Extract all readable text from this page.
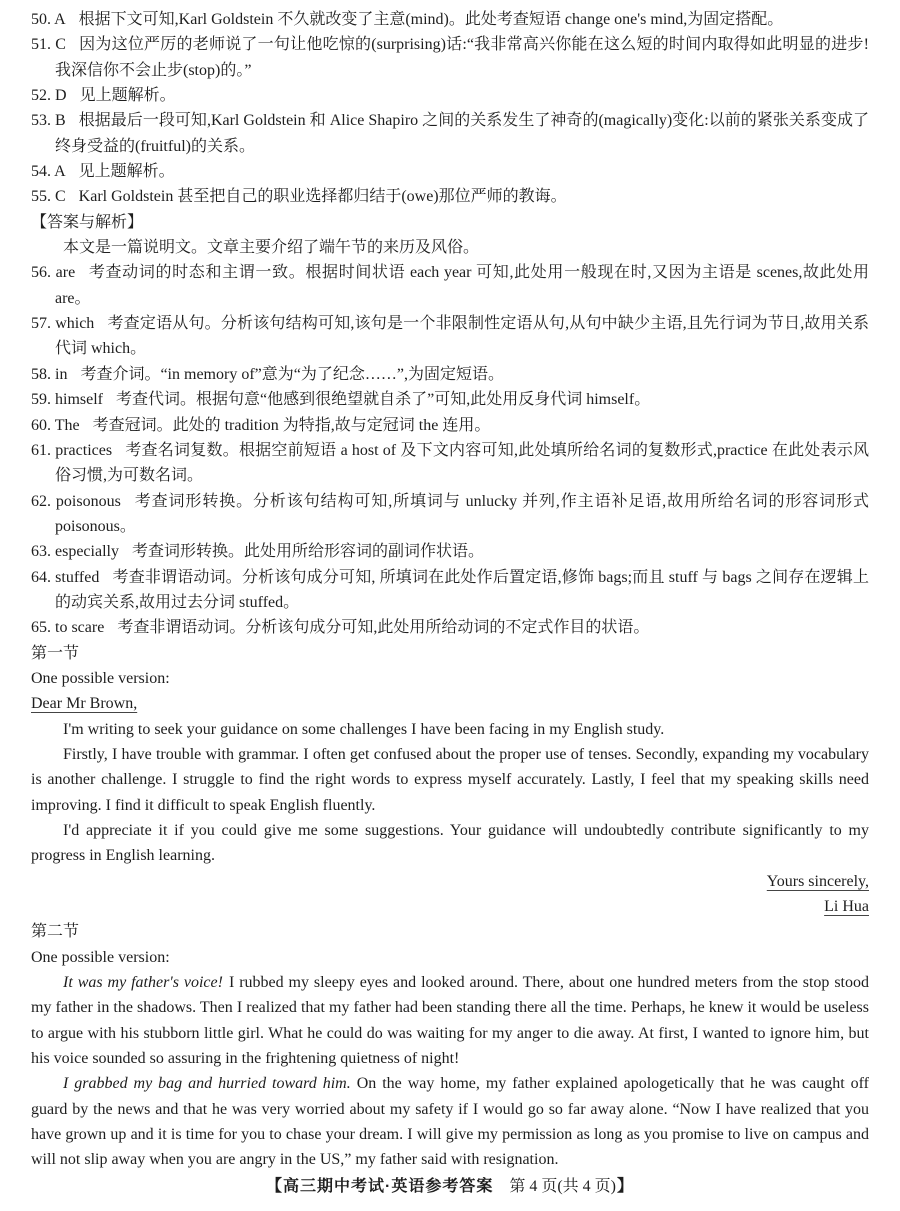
50. A 根据下文可知,Karl Goldstein 不久就改变了主意(mind)。此处考查短语 change one's mind,为固定搭配。
51. C 因为这位严厉的老师说了一句让他吃惊的(surprising)话:“我非常高兴你能在这么短的时间内取得如此明显的进步! 我深信你不会止步(stop)的。”
52. D 见上题解析。
53. B 根据最后一段可知,Karl Goldstein 和 Alice Shapiro 之间的关系发生了神奇的(magically)变化:以前的紧张关系变成了终身受益的(fruitful)的关系。
54. A 见上题解析。
55. C Karl Goldstein 甚至把自己的职业选择都归结于(owe)那位严师的教诲。
【答案与解析】
本文是一篇说明文。文章主要介绍了端午节的来历及风俗。
56. are 考查动词的时态和主谓一致。根据时间状语 each year 可知,此处用一般现在时,又因为主语是 scenes,故此处用 are。
57. which 考查定语从句。分析该句结构可知,该句是一个非限制性定语从句,从句中缺少主语,且先行词为节日,故用关系代词 which。
58. in 考查介词。“in memory of”意为“为了纪念……”,为固定短语。
59. himself 考查代词。根据句意“他感到很绝望就自杀了”可知,此处用反身代词 himself。
60. The 考查冠词。此处的 tradition 为特指,故与定冠词 the 连用。
61. practices 考查名词复数。根据空前短语 a host of 及下文内容可知,此处填所给名词的复数形式,practice 在此处表示风俗习惯,为可数名词。
62. poisonous 考查词形转换。分析该句结构可知,所填词与 unlucky 并列,作主语补足语,故用所给名词的形容词形式 poisonous。
63. especially 考查词形转换。此处用所给形容词的副词作状语。
64. stuffed 考查非谓语动词。分析该句成分可知, 所填词在此处作后置定语,修饰 bags;而且 stuff 与 bags 之间存在逻辑上的动宾关系,故用过去分词 stuffed。
65. to scare 考查非谓语动词。分析该句成分可知,此处用所给动词的不定式作目的状语。
第一节
One possible version:
Dear Mr Brown,
I'm writing to seek your guidance on some challenges I have been facing in my English study.
Firstly, I have trouble with grammar. I often get confused about the proper use of tenses. Secondly, expanding my vocabulary is another challenge. I struggle to find the right words to express myself accurately. Lastly, I feel that my speaking skills need improving. I find it difficult to speak English fluently.
I'd appreciate it if you could give me some suggestions. Your guidance will undoubtedly contribute significantly to my progress in English learning.
Yours sincerely,
Li Hua
第二节
One possible version:
It was my father's voice! I rubbed my sleepy eyes and looked around. There, about one hundred meters from the stop stood my father in the shadows. Then I realized that my father had been standing there all the time. Perhaps, he knew it would be useless to argue with his stubborn little girl. What he could do was waiting for my anger to die away. At first, I wanted to ignore him, but his voice sounded so assuring in the frightening quietness of night!
I grabbed my bag and hurried toward him. On the way home, my father explained apologetically that he was caught off guard by the news and that he was very worried about my safety if I would go so far away alone. “Now I have realized that you have grown up and it is time for you to chase your dream. I will give my permission as long as you promise to live on campus and will not slip away when you are angry in the US,” my father said with resignation.
【高三期中考试·英语参考答案 第 4 页(共 4 页)】
